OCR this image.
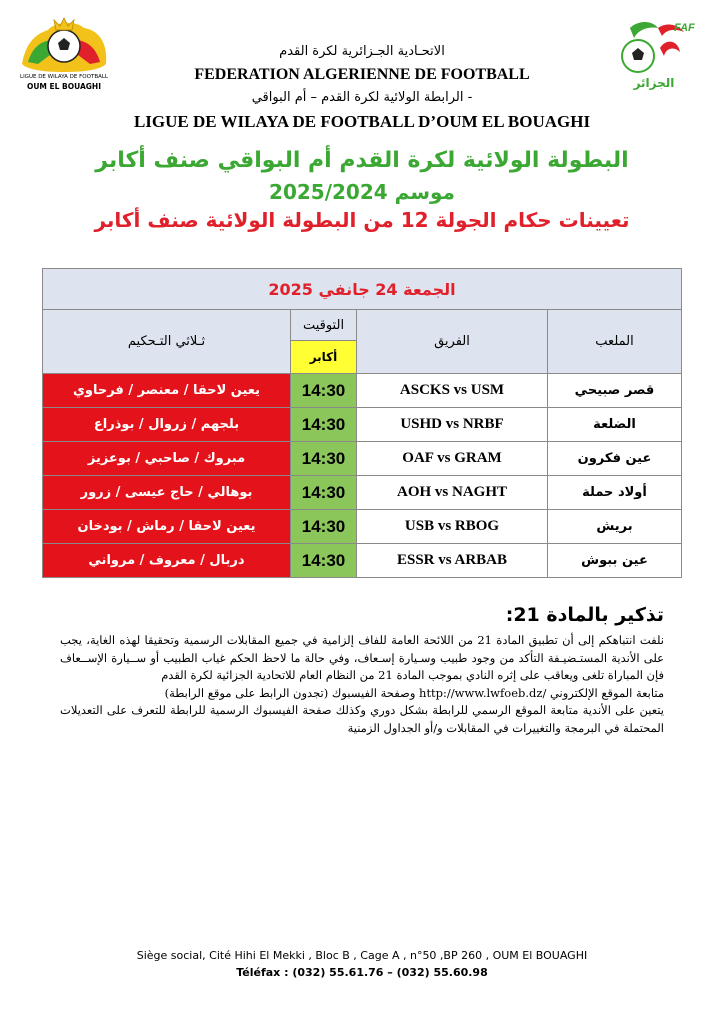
LIGUE DE WILAYA DE FOOTBALL
OUM EL BOUAGHI
FAF
الجزائر
الاتحـادية الجـزائرية لكرة القدم
FEDERATION ALGERIENNE DE FOOTBALL
الرابطة الولائية لكرة القدم – أم البواقي -
LIGUE DE WILAYA DE FOOTBALL D’OUM EL BOUAGHI
البطولة الولائية لكرة القدم أم البواقي صنف أكابر
موسم 2025/2024
تعيينات حكام الجولة 12 من البطولة الولائية صنف أكابر
الجمعة 24 جانفي 2025			
ثـلاثي التـحكيم	التوقيت	الفريق	الملعب
	أكابر		
يعين لاحقا / معنصر / فرحاوي	14:30	ASCKS vs USM	قصر صبيحي
بلجهم / زروال / بوذراع	14:30	USHD vs NRBF	الضلعة
مبروك / صاحبي / بوعزيز	14:30	OAF vs GRAM	عين فكرون
بوهالي / حاج عيسى / زرور	14:30	AOH vs NAGHT	أولاد حملة
يعين لاحقا / رماش / بودخان	14:30	USB vs RBOG	بريش
دربال / معروف / مرواني	14:30	ESSR vs ARBAB	عين ببوش
تذكير بالمادة 21:

نلفت انتباهكم إلى أن تطبيق المادة 21 من اللائحة العامة للفاف إلزامية في جميع المقابلات الرسمية وتحقيقا لهذه الغاية، يجب على الأندية المستـضيـفة التأكد من وجود طبيب وسـيارة إسـعاف، وفي حالة ما لاحظ الحكم غياب الطبيب أو ســيارة الإســعاف فإن المباراة تلغى ويعاقب على إثره النادي بموجب المادة 21 من النظام العام للاتحادية الجزائية لكرة القدم

متابعة الموقع الإلكتروني /http://www.lwfoeb.dz وصفحة الفيسبوك (تجدون الرابط على موقع الرابطة)

يتعين على الأندية متابعة الموقع الرسمي للرابطة بشكل دوري وكذلك صفحة الفيسبوك الرسمية للرابطة للتعرف على التعديلات المحتملة في البرمجة والتغييرات في المقابلات و/أو الجداول الزمنية

Siège social, Cité Hihi El Mekki , Bloc B , Cage A , n°50 ,BP 260 , OUM El BOUAGHI
Téléfax : (032) 55.61.76 – (032) 55.60.98
